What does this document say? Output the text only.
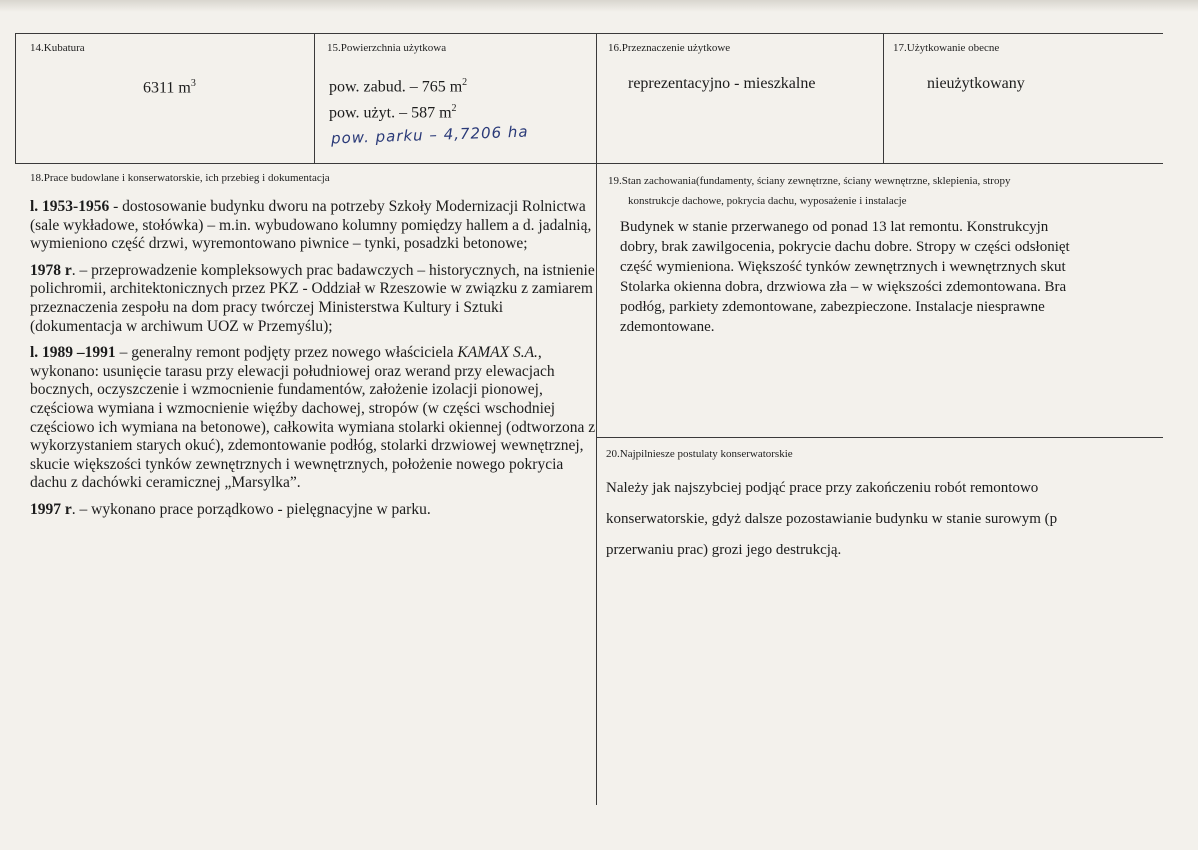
14.Kubatura
6311 $m^3$
15.Powierzchnia użytkowa
pow. zabud. – 765 $m^2$
pow. użyt. – 587 $m^2$
pow. parku – 4,7206 ha
16.Przeznaczenie użytkowe
reprezentacyjno - mieszkalne
17.Użytkowanie obecne
nieużytkowany
18.Prace budowlane i konserwatorskie, ich przebieg i dokumentacja

l. 1953-1956 - dostosowanie budynku dworu na potrzeby Szkoły Modernizacji Rolnictwa (sale wykładowe, stołówka) – m.in. wybudowano kolumny pomiędzy hallem a d. jadalnią, wymieniono część drzwi, wyremontowano piwnice – tynki, posadzki betonowe;

1978 r. – przeprowadzenie kompleksowych prac badawczych – historycznych, na istnienie polichromii, architektonicznych przez PKZ - Oddział w Rzeszowie w związku z zamiarem przeznaczenia zespołu na dom pracy twórczej Ministerstwa Kultury i Sztuki (dokumentacja w archiwum UOZ w Przemyślu);

l. 1989 –1991 – generalny remont podjęty przez nowego właściciela KAMAX S.A., wykonano: usunięcie tarasu przy elewacji południowej oraz werand przy elewacjach bocznych, oczyszczenie i wzmocnienie fundamentów, założenie izolacji pionowej, częściowa wymiana i wzmocnienie więźby dachowej, stropów (w części wschodniej częściowo ich wymiana na betonowe), całkowita wymiana stolarki okiennej (odtworzona z wykorzystaniem starych okuć), zdemontowanie podłóg, stolarki drzwiowej wewnętrznej, skucie większości tynków zewnętrznych i wewnętrznych, położenie nowego pokrycia dachu z dachówki ceramicznej „Marsylka”.

1997 r. – wykonano prace porządkowo - pielęgnacyjne w parku.

19.Stan zachowania(fundamenty, ściany zewnętrzne, ściany wewnętrzne, sklepienia, stropy
konstrukcje dachowe, pokrycia dachu, wyposażenie i instalacje
Budynek w stanie przerwanego od ponad 13 lat remontu. Konstrukcyjn
dobry, brak zawilgocenia, pokrycie dachu dobre. Stropy w części odsłonięt
część wymieniona. Większość tynków zewnętrznych i wewnętrznych skut
Stolarka okienna dobra, drzwiowa zła – w większości zdemontowana. Bra
podłóg, parkiety zdemontowane, zabezpieczone. Instalacje niesprawne
zdemontowane.
20.Najpilniesze postulaty konserwatorskie
Należy jak najszybciej podjąć prace przy zakończeniu robót remontowo
konserwatorskie, gdyż dalsze pozostawianie budynku w stanie surowym (p
przerwaniu prac) grozi jego destrukcją.
